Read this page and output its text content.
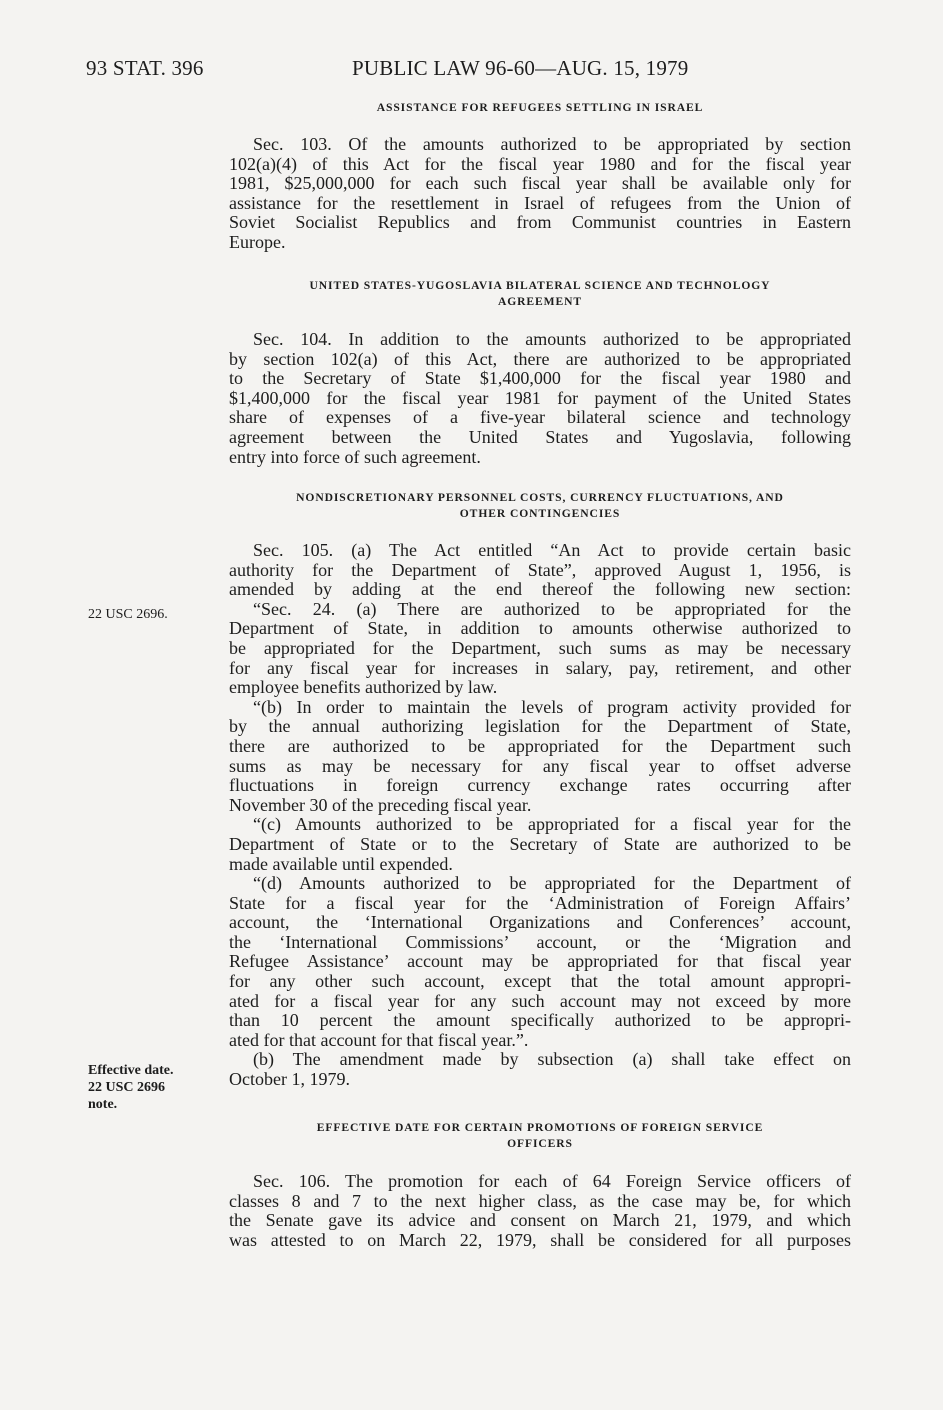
93 STAT. 396	PUBLIC LAW 96-60—AUG. 15, 1979
ASSISTANCE FOR REFUGEES SETTLING IN ISRAEL
Sec. 103. Of the amounts authorized to be appropriated by section
102(a)(4) of this Act for the fiscal year 1980 and for the fiscal year
1981, $25,000,000 for each such fiscal year shall be available only for
assistance for the resettlement in Israel of refugees from the Union of
Soviet Socialist Republics and from Communist countries in Eastern
Europe.
UNITED STATES-YUGOSLAVIA BILATERAL SCIENCE AND TECHNOLOGY
AGREEMENT
Sec. 104. In addition to the amounts authorized to be appropriated
by section 102(a) of this Act, there are authorized to be appropriated
to the Secretary of State $1,400,000 for the fiscal year 1980 and
$1,400,000 for the fiscal year 1981 for payment of the United States
share of expenses of a five-year bilateral science and technology
agreement between the United States and Yugoslavia, following
entry into force of such agreement.
NONDISCRETIONARY PERSONNEL COSTS, CURRENCY FLUCTUATIONS, AND
OTHER CONTINGENCIES
Sec. 105. (a) The Act entitled “An Act to provide certain basic
authority for the Department of State”, approved August 1, 1956, is
amended by adding at the end thereof the following new section:
“Sec. 24. (a) There are authorized to be appropriated for the
Department of State, in addition to amounts otherwise authorized to
be appropriated for the Department, such sums as may be necessary
for any fiscal year for increases in salary, pay, retirement, and other
employee benefits authorized by law.
“(b) In order to maintain the levels of program activity provided for
by the annual authorizing legislation for the Department of State,
there are authorized to be appropriated for the Department such
sums as may be necessary for any fiscal year to offset adverse
fluctuations in foreign currency exchange rates occurring after
November 30 of the preceding fiscal year.
“(c) Amounts authorized to be appropriated for a fiscal year for the
Department of State or to the Secretary of State are authorized to be
made available until expended.
“(d) Amounts authorized to be appropriated for the Department of
State for a fiscal year for the ‘Administration of Foreign Affairs’
account, the ‘International Organizations and Conferences’ account,
the ‘International Commissions’ account, or the ‘Migration and
Refugee Assistance’ account may be appropriated for that fiscal year
for any other such account, except that the total amount appropri-
ated for a fiscal year for any such account may not exceed by more
than 10 percent the amount specifically authorized to be appropri-
ated for that account for that fiscal year.”.
(b) The amendment made by subsection (a) shall take effect on
October 1, 1979.
EFFECTIVE DATE FOR CERTAIN PROMOTIONS OF FOREIGN SERVICE
OFFICERS
Sec. 106. The promotion for each of 64 Foreign Service officers of
classes 8 and 7 to the next higher class, as the case may be, for which
the Senate gave its advice and consent on March 21, 1979, and which
was attested to on March 22, 1979, shall be considered for all purposes
22 USC 2696.
Effective date.
22 USC 2696
note.
